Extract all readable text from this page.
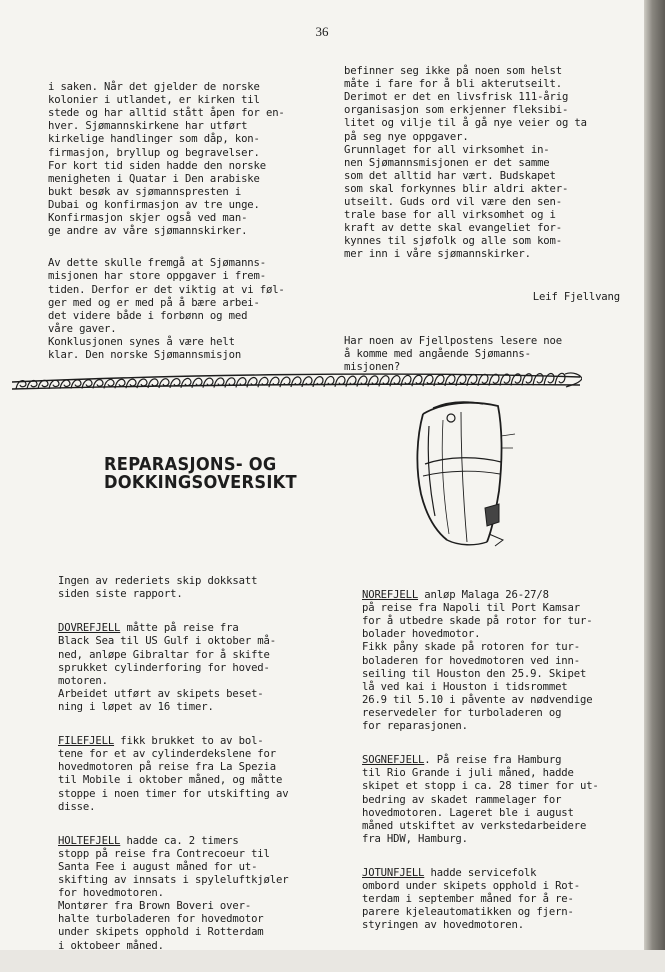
36

i saken. Når det gjelder de norske
kolonier i utlandet, er kirken til
stede og har alltid stått åpen for en-
hver. Sjømannskirkene har utført
kirkelige handlinger som dåp, kon-
firmasjon, bryllup og begravelser.
For kort tid siden hadde den norske
menigheten i Quatar i Den arabiske
bukt besøk av sjømannspresten i
Dubai og konfirmasjon av tre unge.
Konfirmasjon skjer også ved man-
ge andre av våre sjømannskirker.

Av dette skulle fremgå at Sjømanns-
misjonen har store oppgaver i frem-
tiden. Derfor er det viktig at vi føl-
ger med og er med på å bære arbei-
det videre både i forbønn og med
våre gaver.
Konklusjonen synes å være helt
klar. Den norske Sjømannsmisjon

befinner seg ikke på noen som helst
måte i fare for å bli akterutseilt.
Derimot er det en livsfrisk 111-årig
organisasjon som erkjenner fleksibi-
litet og vilje til å gå nye veier og ta
på seg nye oppgaver.
Grunnlaget for all virksomhet in-
nen Sjømannsmisjonen er det samme
som det alltid har vært. Budskapet
som skal forkynnes blir aldri akter-
utseilt. Guds ord vil være den sen-
trale base for all virksomhet og i
kraft av dette skal evangeliet for-
kynnes til sjøfolk og alle som kom-
mer inn i våre sjømannskirker.

Leif Fjellvang

Har noen av Fjellpostens lesere noe
å komme med angående Sjømanns-
misjonen?

REPARASJONS- OG
DOKKINGSOVERSIKT

Ingen av rederiets skip dokksatt
siden siste rapport.

DOVREFJELL måtte på reise fra
Black Sea til US Gulf i oktober må-
ned, anløpe Gibraltar for å skifte
sprukket cylinderforing for hoved-
motoren.
Arbeidet utført av skipets beset-
ning i løpet av 16 timer.

FILEFJELL fikk brukket to av bol-
tene for et av cylinderdekslene for
hovedmotoren på reise fra La Spezia
til Mobile i oktober måned, og måtte
stoppe i noen timer for utskifting av
disse.

HOLTEFJELL hadde ca. 2 timers
stopp på reise fra Contrecoeur til
Santa Fee i august måned for ut-
skifting av innsats i spyleluftkjøler
for hovedmotoren.
Montører fra Brown Boveri over-
halte turboladeren for hovedmotor
under skipets opphold i Rotterdam
i oktobeer måned.

NOREFJELL anløp Malaga 26-27/8
på reise fra Napoli til Port Kamsar
for å utbedre skade på rotor for tur-
bolader hovedmotor.
Fikk påny skade på rotoren for tur-
boladeren for hovedmotoren ved inn-
seiling til Houston den 25.9. Skipet
lå ved kai i Houston i tidsrommet
26.9 til 5.10 i påvente av nødvendige
reservedeler for turboladeren og
for reparasjonen.

SOGNEFJELL. På reise fra Hamburg
til Rio Grande i juli måned, hadde
skipet et stopp i ca. 28 timer for ut-
bedring av skadet rammelager for
hovedmotoren. Lageret ble i august
måned utskiftet av verkstedarbeidere
fra HDW, Hamburg.

JOTUNFJELL hadde servicefolk
ombord under skipets opphold i Rot-
terdam i september måned for å re-
parere kjeleautomatikken og fjern-
styringen av hovedmotoren.
